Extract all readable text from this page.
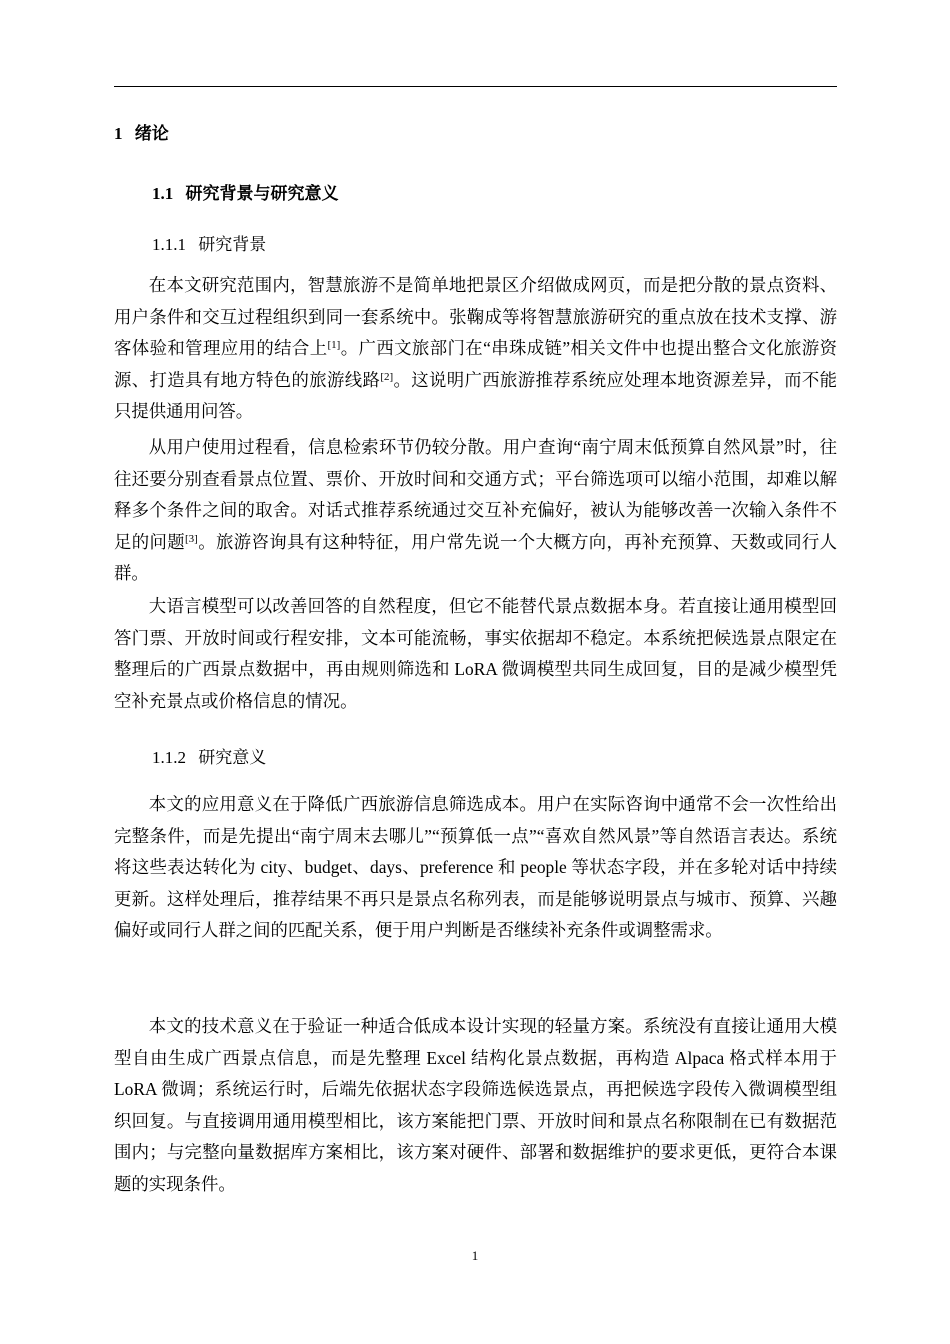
1 绪论
1.1 研究背景与研究意义
1.1.1 研究背景

在本文研究范围内，智慧旅游不是简单地把景区介绍做成网页，而是把分散的景点资料、用户条件和交互过程组织到同一套系统中。张鞠成等将智慧旅游研究的重点放在技术支撑、游客体验和管理应用的结合上[1]。广西文旅部门在“串珠成链”相关文件中也提出整合文化旅游资源、打造具有地方特色的旅游线路[2]。这说明广西旅游推荐系统应处理本地资源差异，而不能只提供通用问答。

从用户使用过程看，信息检索环节仍较分散。用户查询“南宁周末低预算自然风景”时，往往还要分别查看景点位置、票价、开放时间和交通方式；平台筛选项可以缩小范围，却难以解释多个条件之间的取舍。对话式推荐系统通过交互补充偏好，被认为能够改善一次输入条件不足的问题[3]。旅游咨询具有这种特征，用户常先说一个大概方向，再补充预算、天数或同行人群。

大语言模型可以改善回答的自然程度，但它不能替代景点数据本身。若直接让通用模型回答门票、开放时间或行程安排，文本可能流畅，事实依据却不稳定。本系统把候选景点限定在整理后的广西景点数据中，再由规则筛选和 LoRA 微调模型共同生成回复，目的是减少模型凭空补充景点或价格信息的情况。

1.1.2 研究意义

本文的应用意义在于降低广西旅游信息筛选成本。用户在实际咨询中通常不会一次性给出完整条件，而是先提出“南宁周末去哪儿”“预算低一点”“喜欢自然风景”等自然语言表达。系统将这些表达转化为 city、budget、days、preference 和 people 等状态字段，并在多轮对话中持续更新。这样处理后，推荐结果不再只是景点名称列表，而是能够说明景点与城市、预算、兴趣偏好或同行人群之间的匹配关系，便于用户判断是否继续补充条件或调整需求。

本文的技术意义在于验证一种适合低成本设计实现的轻量方案。系统没有直接让通用大模型自由生成广西景点信息，而是先整理 Excel 结构化景点数据，再构造 Alpaca 格式样本用于 LoRA 微调；系统运行时，后端先依据状态字段筛选候选景点，再把候选字段传入微调模型组织回复。与直接调用通用模型相比，该方案能把门票、开放时间和景点名称限制在已有数据范围内；与完整向量数据库方案相比，该方案对硬件、部署和数据维护的要求更低，更符合本课题的实现条件。

1
